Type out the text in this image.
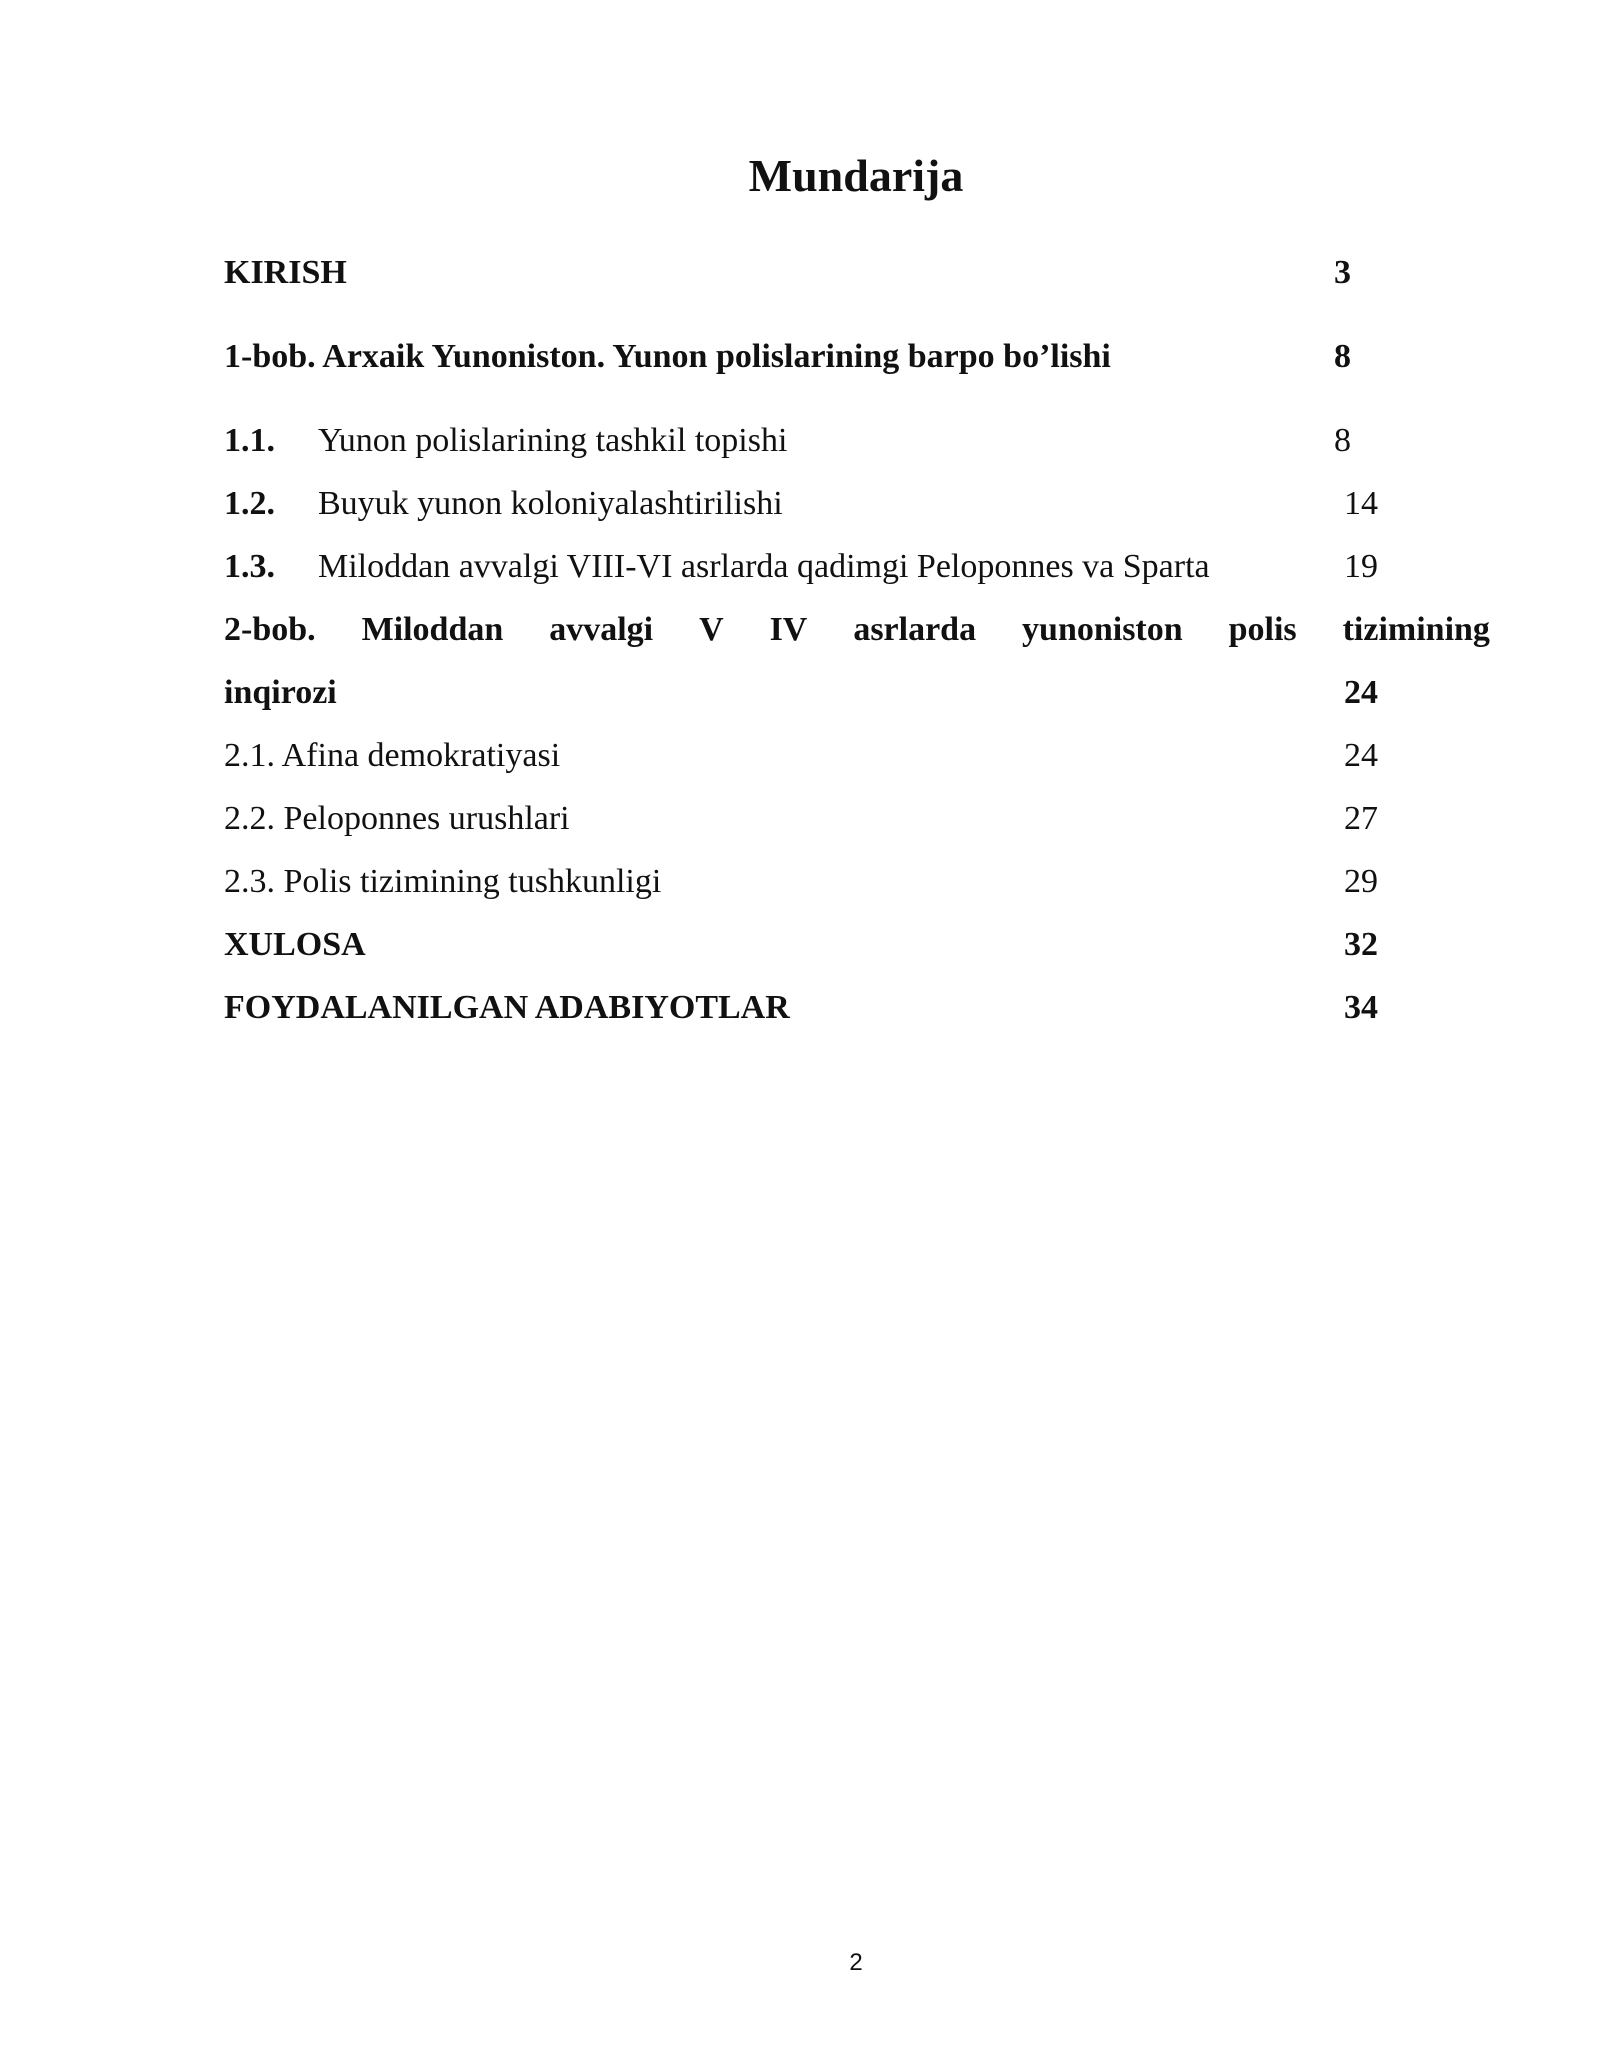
Mundarija
KIRISH	3
1-bob. Arxaik Yunoniston. Yunon polislarining barpo bo’lishi	8
1.1. Yunon polislarining tashkil topishi	8
1.2. Buyuk yunon koloniyalashtirilishi	14
1.3. Miloddan avvalgi VIII-VI asrlarda qadimgi Peloponnes va Sparta	19
2-bob. Miloddan avvalgi V IV asrlarda yunoniston polis tizimining
inqirozi	24
2.1. Afina demokratiyasi	24
2.2. Peloponnes urushlari	27
2.3. Polis tizimining tushkunligi	29
XULOSA	32
FOYDALANILGAN ADABIYOTLAR	34
2
